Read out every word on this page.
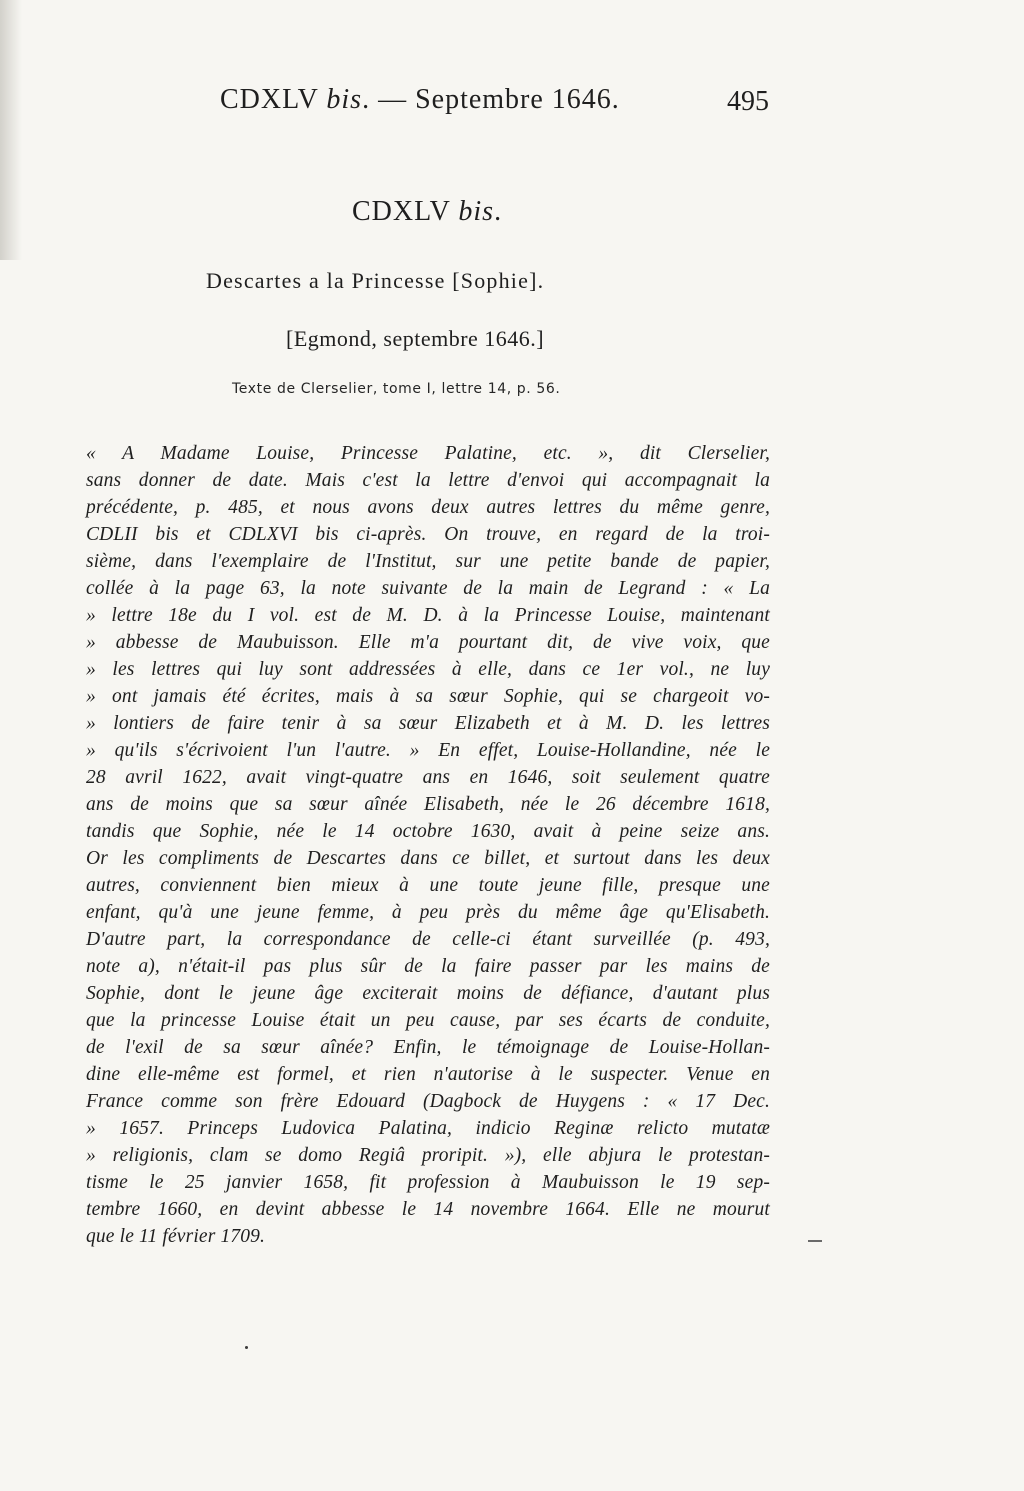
CDXLV bis. — Septembre 1646.	495
CDXLV bis.
Descartes a la Princesse [Sophie].
[Egmond, septembre 1646.]
Texte de Clerselier, tome I, lettre 14, p. 56.
« A Madame Louise, Princesse Palatine, etc. », dit Clerselier,
sans donner de date. Mais c'est la lettre d'envoi qui accompagnait la
précédente, p. 485, et nous avons deux autres lettres du même genre,
CDLII bis et CDLXVI bis ci-après. On trouve, en regard de la troi-
sième, dans l'exemplaire de l'Institut, sur une petite bande de papier,
collée à la page 63, la note suivante de la main de Legrand : « La
» lettre 18e du I vol. est de M. D. à la Princesse Louise, maintenant
» abbesse de Maubuisson. Elle m'a pourtant dit, de vive voix, que
» les lettres qui luy sont addressées à elle, dans ce 1er vol., ne luy
» ont jamais été écrites, mais à sa sœur Sophie, qui se chargeoit vo-
» lontiers de faire tenir à sa sœur Elizabeth et à M. D. les lettres
» qu'ils s'écrivoient l'un l'autre. » En effet, Louise-Hollandine, née le
28 avril 1622, avait vingt-quatre ans en 1646, soit seulement quatre
ans de moins que sa sœur aînée Elisabeth, née le 26 décembre 1618,
tandis que Sophie, née le 14 octobre 1630, avait à peine seize ans.
Or les compliments de Descartes dans ce billet, et surtout dans les deux
autres, conviennent bien mieux à une toute jeune fille, presque une
enfant, qu'à une jeune femme, à peu près du même âge qu'Elisabeth.
D'autre part, la correspondance de celle-ci étant surveillée (p. 493,
note a), n'était-il pas plus sûr de la faire passer par les mains de
Sophie, dont le jeune âge exciterait moins de défiance, d'autant plus
que la princesse Louise était un peu cause, par ses écarts de conduite,
de l'exil de sa sœur aînée? Enfin, le témoignage de Louise-Hollan-
dine elle-même est formel, et rien n'autorise à le suspecter. Venue en
France comme son frère Edouard (Dagbock de Huygens : « 17 Dec.
» 1657. Princeps Ludovica Palatina, indicio Reginæ relicto mutatæ
» religionis, clam se domo Regiâ proripit. »), elle abjura le protestan-
tisme le 25 janvier 1658, fit profession à Maubuisson le 19 sep-
tembre 1660, en devint abbesse le 14 novembre 1664. Elle ne mourut
que le 11 février 1709.
